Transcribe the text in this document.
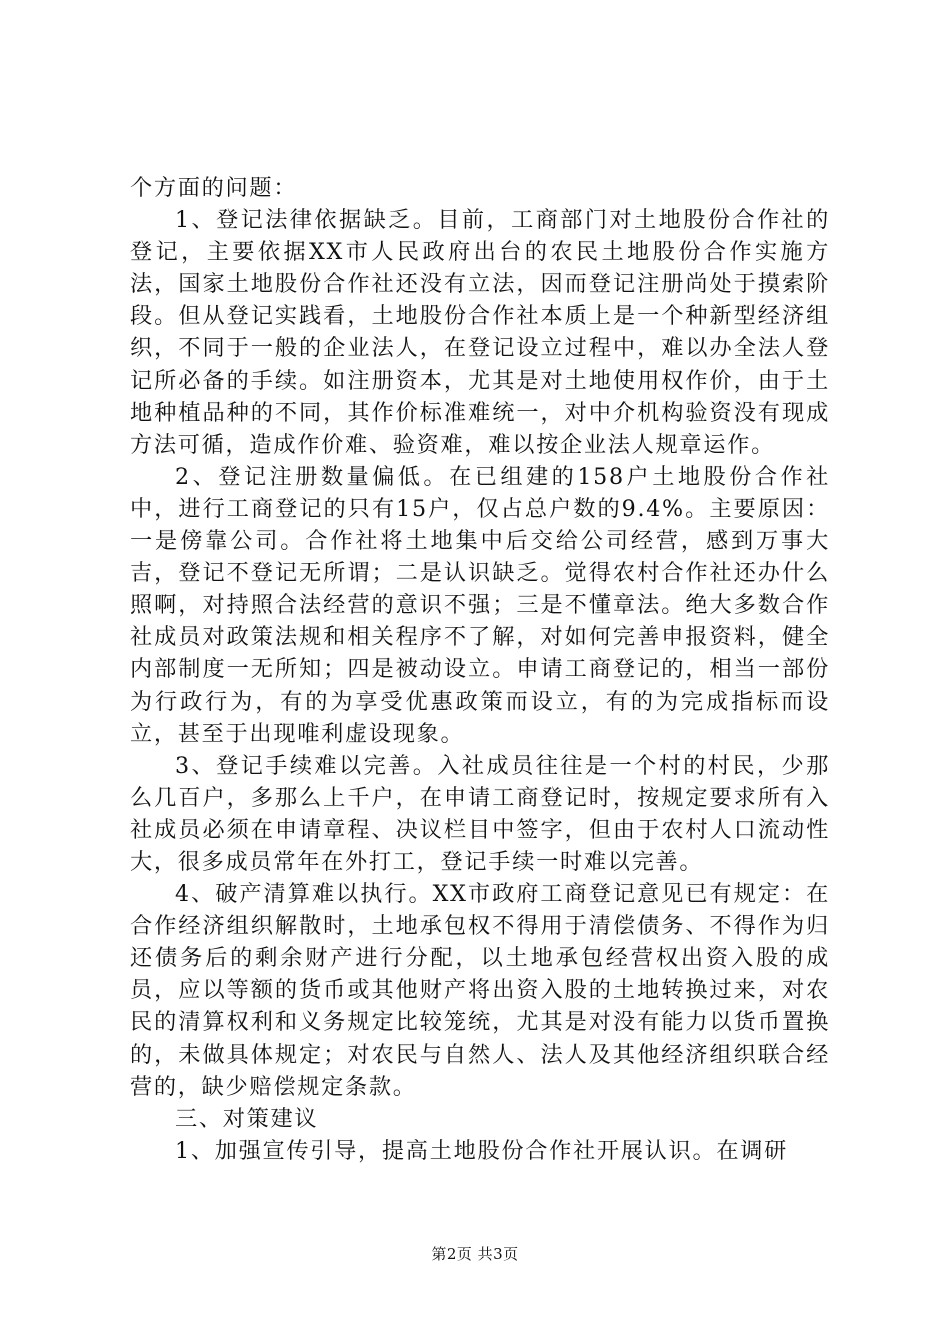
个方面的问题：

1、登记法律依据缺乏。目前，工商部门对土地股份合作社的登记，主要依据XX市人民政府出台的农民土地股份合作实施方法，国家土地股份合作社还没有立法，因而登记注册尚处于摸索阶段。但从登记实践看，土地股份合作社本质上是一个种新型经济组织，不同于一般的企业法人，在登记设立过程中，难以办全法人登记所必备的手续。如注册资本，尤其是对土地使用权作价，由于土地种植品种的不同，其作价标准难统一，对中介机构验资没有现成方法可循，造成作价难、验资难，难以按企业法人规章运作。

2、登记注册数量偏低。在已组建的158户土地股份合作社中，进行工商登记的只有15户，仅占总户数的9.4%。主要原因：一是傍靠公司。合作社将土地集中后交给公司经营，感到万事大吉，登记不登记无所谓；二是认识缺乏。觉得农村合作社还办什么照啊，对持照合法经营的意识不强；三是不懂章法。绝大多数合作社成员对政策法规和相关程序不了解，对如何完善申报资料，健全内部制度一无所知；四是被动设立。申请工商登记的，相当一部份为行政行为，有的为享受优惠政策而设立，有的为完成指标而设立，甚至于出现唯利虚设现象。

3、登记手续难以完善。入社成员往往是一个村的村民，少那么几百户，多那么上千户，在申请工商登记时，按规定要求所有入社成员必须在申请章程、决议栏目中签字，但由于农村人口流动性大，很多成员常年在外打工，登记手续一时难以完善。

4、破产清算难以执行。XX市政府工商登记意见已有规定：在合作经济组织解散时，土地承包权不得用于清偿债务、不得作为归还债务后的剩余财产进行分配，以土地承包经营权出资入股的成员，应以等额的货币或其他财产将出资入股的土地转换过来，对农民的清算权利和义务规定比较笼统，尤其是对没有能力以货币置换的，未做具体规定；对农民与自然人、法人及其他经济组织联合经营的，缺少赔偿规定条款。

三、对策建议

1、加强宣传引导，提高土地股份合作社开展认识。在调研

第2页 共3页
